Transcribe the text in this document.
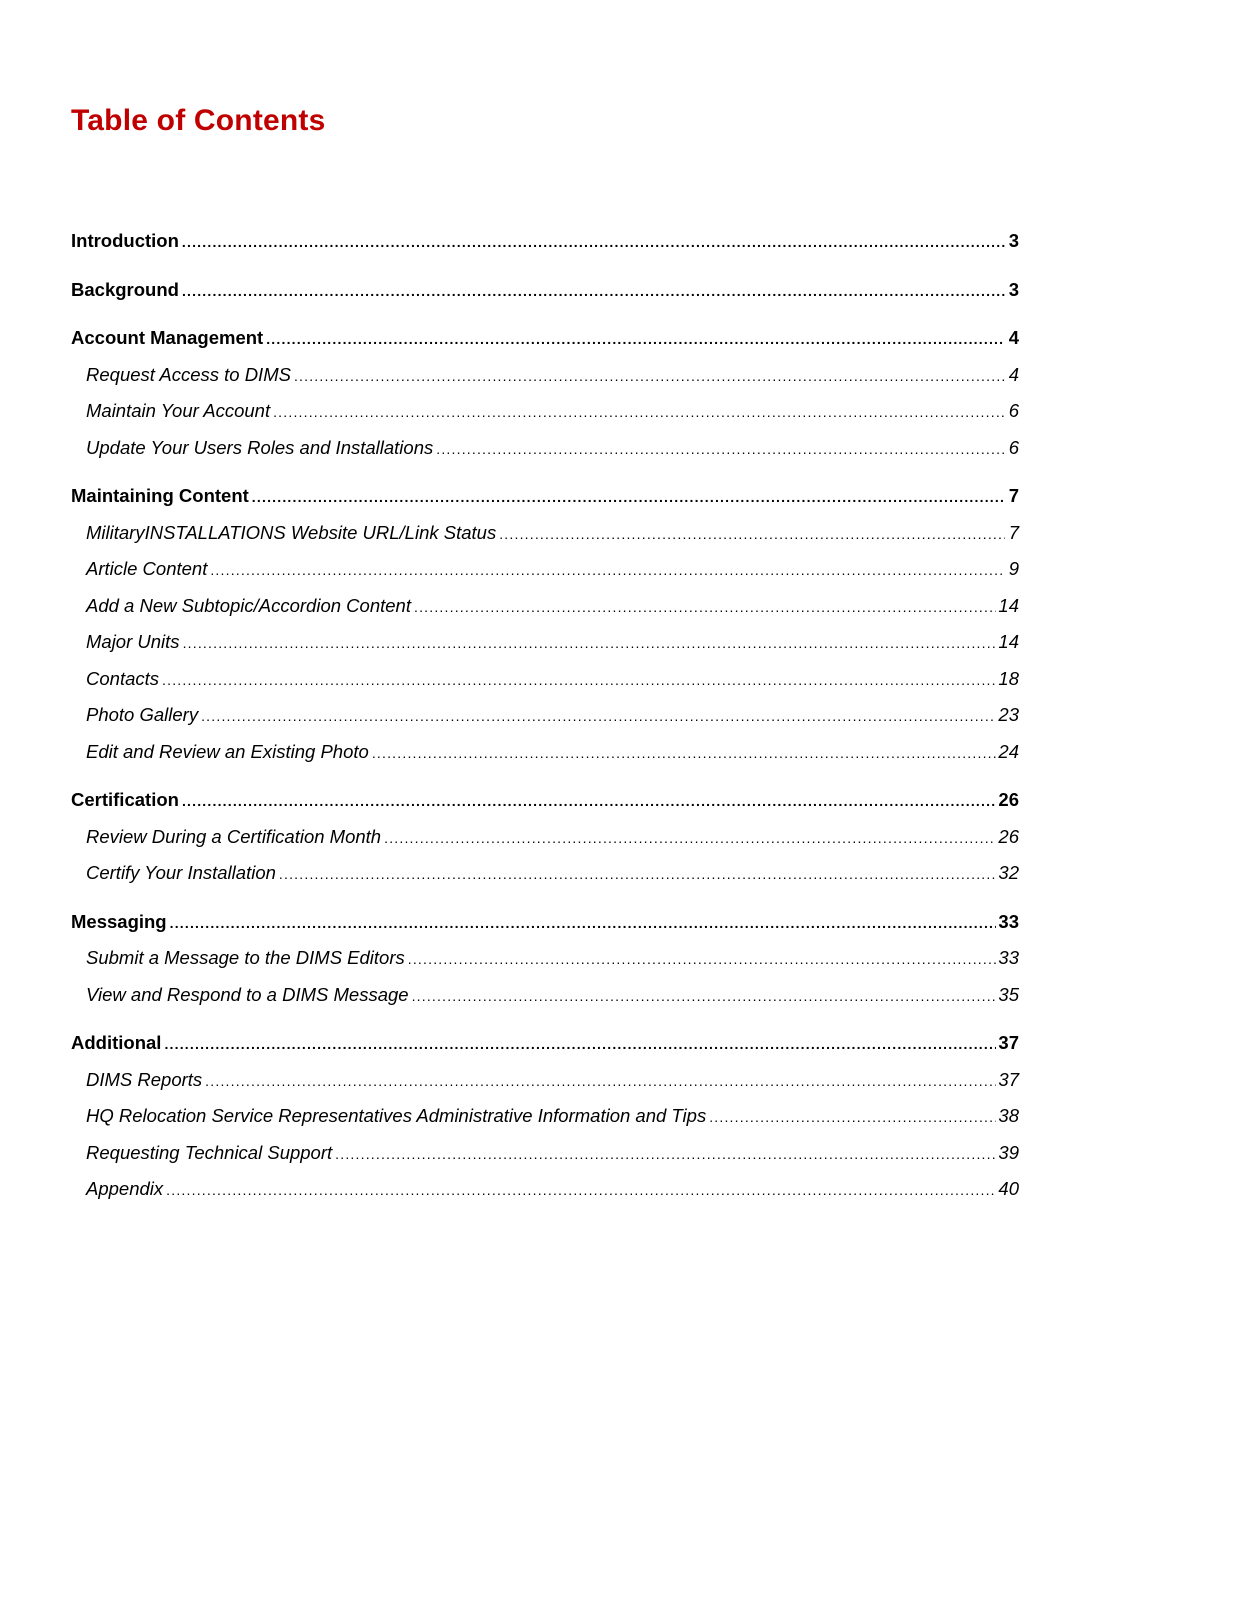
Table of Contents
Introduction .....	3
Background .....	3
Account Management .....	4
Request Access to DIMS .....	4
Maintain Your Account .....	6
Update Your Users Roles and Installations .....	6
Maintaining Content .....	7
MilitaryINSTALLATIONS Website URL/Link Status .....	7
Article Content .....	9
Add a New Subtopic/Accordion Content .....	14
Major Units .....	14
Contacts .....	18
Photo Gallery .....	23
Edit and Review an Existing Photo .....	24
Certification .....	26
Review During a Certification Month .....	26
Certify Your Installation .....	32
Messaging .....	33
Submit a Message to the DIMS Editors .....	33
View and Respond to a DIMS Message .....	35
Additional .....	37
DIMS Reports .....	37
HQ Relocation Service Representatives Administrative Information and Tips .....	38
Requesting Technical Support .....	39
Appendix .....	40
